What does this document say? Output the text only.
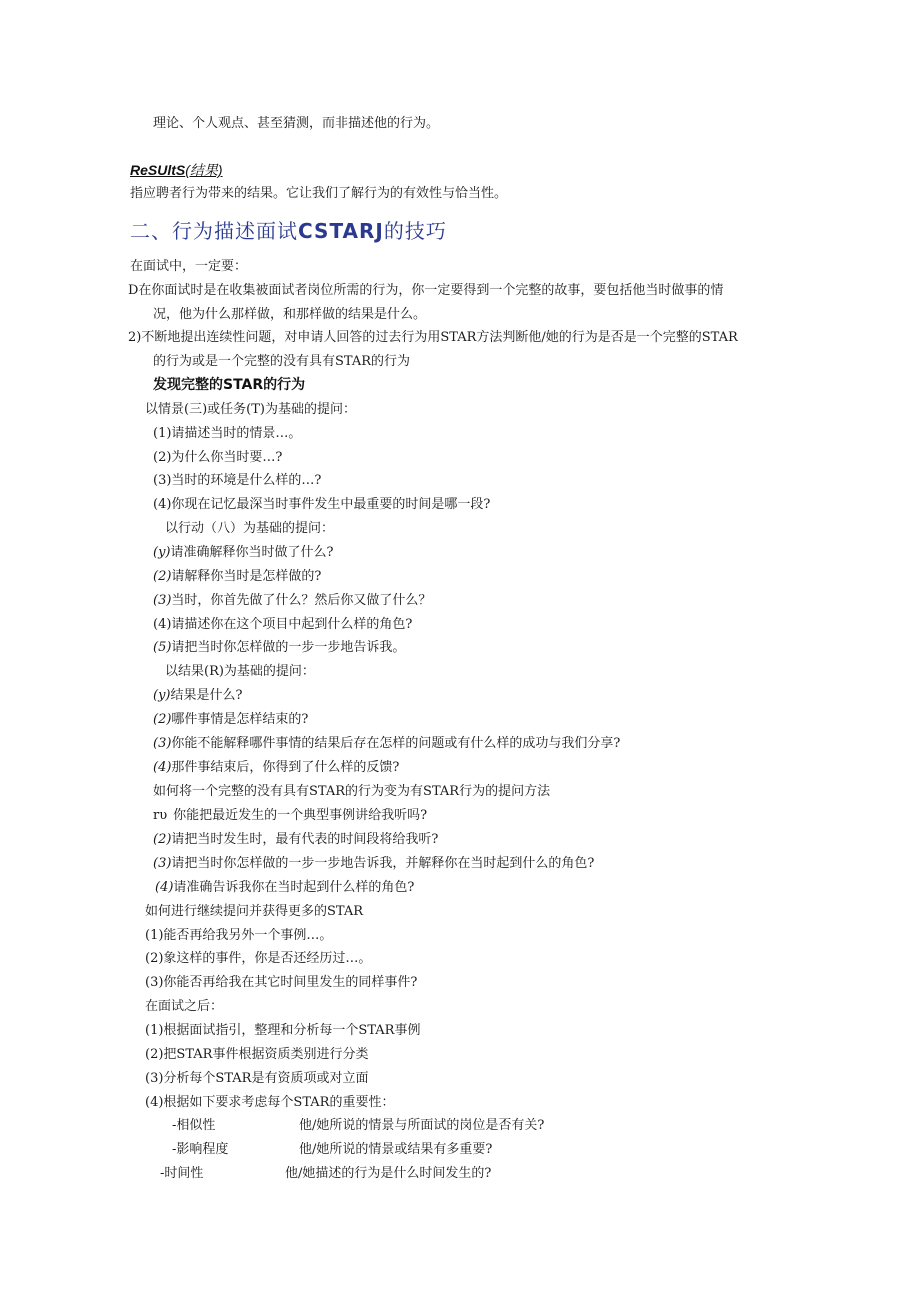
理论、个人观点、甚至猜测，而非描述他的行为。
ReSUltS(结果)
指应聘者行为带来的结果。它让我们了解行为的有效性与恰当性。
二、行为描述面试CSTARJ的技巧
在面试中，一定要：
D在你面试时是在收集被面试者岗位所需的行为，你一定要得到一个完整的故事，要包括他当时做事的情
况，他为什么那样做，和那样做的结果是什么。
2)不断地提出连续性问题，对申请人回答的过去行为用STAR方法判断他/她的行为是否是一个完整的STAR
的行为或是一个完整的没有具有STAR的行为
发现完整的STAR的行为
以情景(三)或任务(T)为基础的提问：
(1)请描述当时的情景…。
(2)为什么你当时要…?
(3)当时的环境是什么样的…?
(4)你现在记忆最深当时事件发生中最重要的时间是哪一段?
以行动（八）为基础的提问：
(y)请准确解释你当时做了什么?
(2)请解释你当时是怎样做的?
(3)当时，你首先做了什么？然后你又做了什么？
(4)请描述你在这个项目中起到什么样的角色?
(5)请把当时你怎样做的一步一步地告诉我。
以结果(R)为基础的提问：
(y)结果是什么?
(2)哪件事情是怎样结束的?
(3)你能不能解释哪件事情的结果后存在怎样的问题或有什么样的成功与我们分享?
(4)那件事结束后，你得到了什么样的反馈?
如何将一个完整的没有具有STAR的行为变为有STAR行为的提问方法
rυ 你能把最近发生的一个典型事例讲给我听吗?
(2)请把当时发生时，最有代表的时间段将给我听?
(3)请把当时你怎样做的一步一步地告诉我，并解释你在当时起到什么的角色?
(4)请准确告诉我你在当时起到什么样的角色?
如何进行继续提问并获得更多的STAR
(1)能否再给我另外一个事例…。
(2)象这样的事件，你是否还经历过…。
(3)你能否再给我在其它时间里发生的同样事件?
在面试之后：
(1)根据面试指引，整理和分析每一个STAR事例
(2)把STAR事件根据资质类别进行分类
(3)分析每个STAR是有资质项或对立面
(4)根据如下要求考虑每个STAR的重要性：
-相似性	他/她所说的情景与所面试的岗位是否有关?
-影响程度	他/她所说的情景或结果有多重要?
-时间性	他/她描述的行为是什么时间发生的?
